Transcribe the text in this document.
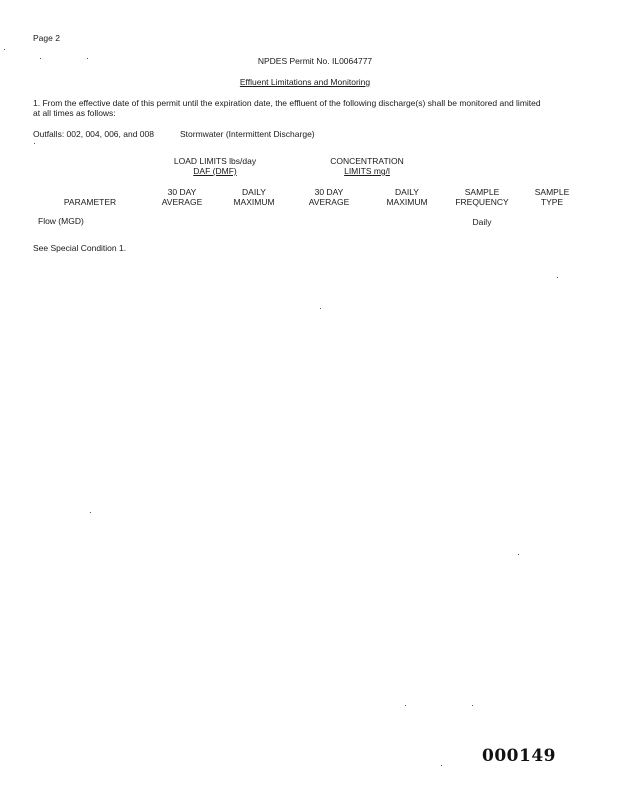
Page 2
NPDES Permit No. IL0064777
Effluent Limitations and Monitoring
1. From the effective date of this permit until the expiration date, the effluent of the following discharge(s) shall be monitored and limited
at all times as follows:
Outfalls: 002, 004, 006, and 008	Stormwater (Intermittent Discharge)
LOAD LIMITS lbs/day
DAF (DMF)
CONCENTRATION
LIMITS mg/l
PARAMETER
30 DAY
AVERAGE
DAILY
MAXIMUM
30 DAY
AVERAGE
DAILY
MAXIMUM
SAMPLE
FREQUENCY
SAMPLE
TYPE
Flow (MGD)	Daily
See Special Condition 1.
000149
